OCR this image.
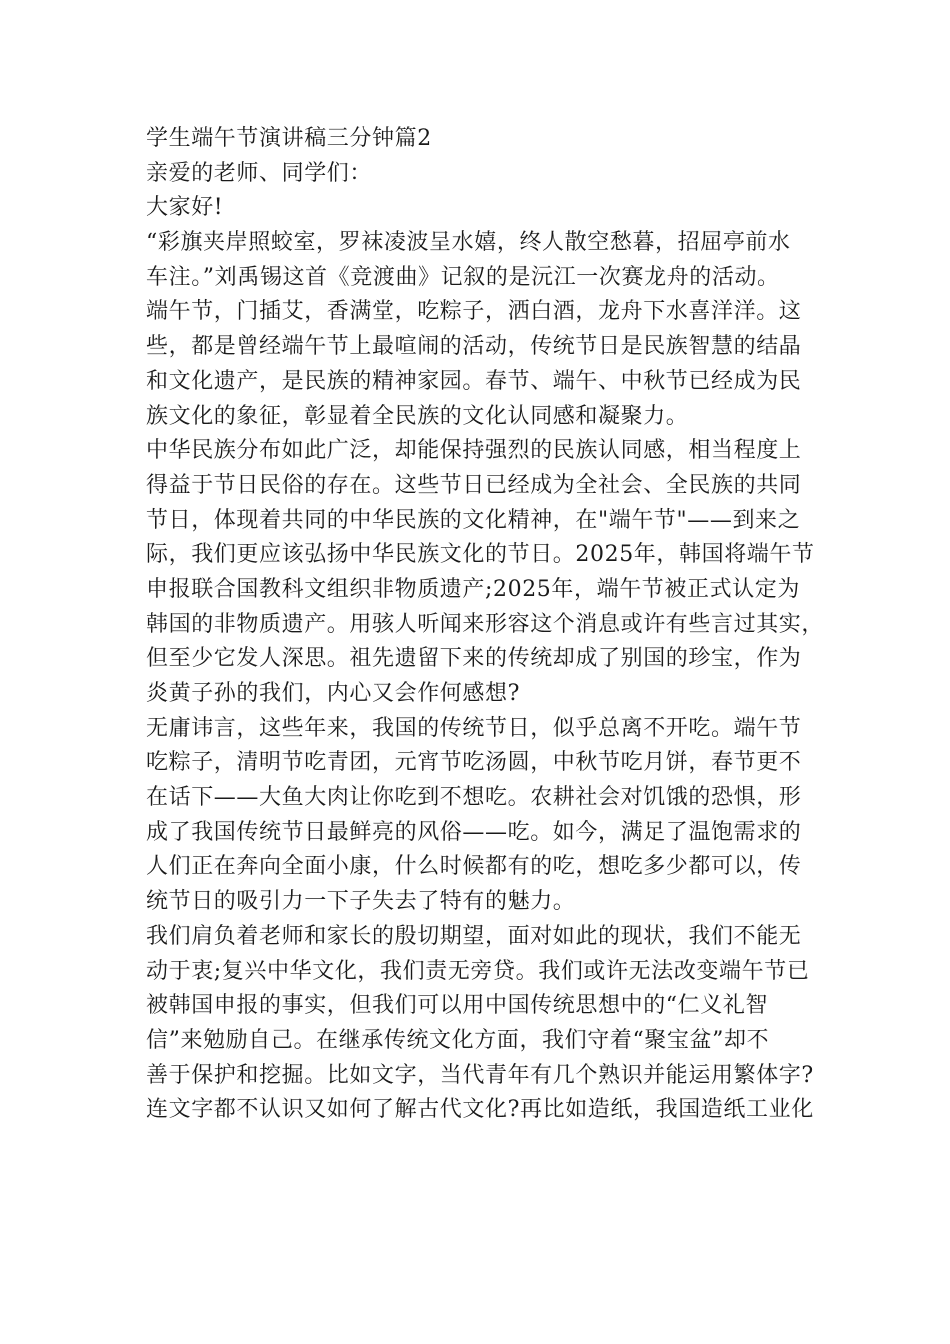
学生端午节演讲稿三分钟篇2
亲爱的老师、同学们：
大家好!
“彩旗夹岸照蛟室，罗袜凌波呈水嬉，终人散空愁暮，招屈亭前水
车注。”刘禹锡这首《竞渡曲》记叙的是沅江一次赛龙舟的活动。
端午节，门插艾，香满堂，吃粽子，洒白酒，龙舟下水喜洋洋。这
些，都是曾经端午节上最喧闹的活动，传统节日是民族智慧的结晶
和文化遗产，是民族的精神家园。春节、端午、中秋节已经成为民
族文化的象征，彰显着全民族的文化认同感和凝聚力。
中华民族分布如此广泛，却能保持强烈的民族认同感，相当程度上
得益于节日民俗的存在。这些节日已经成为全社会、全民族的共同
节日，体现着共同的中华民族的文化精神，在"端午节"——到来之
际，我们更应该弘扬中华民族文化的节日。2025年，韩国将端午节
申报联合国教科文组织非物质遗产;2025年，端午节被正式认定为
韩国的非物质遗产。用骇人听闻来形容这个消息或许有些言过其实，
但至少它发人深思。祖先遗留下来的传统却成了别国的珍宝，作为
炎黄子孙的我们，内心又会作何感想?
无庸讳言，这些年来，我国的传统节日，似乎总离不开吃。端午节
吃粽子，清明节吃青团，元宵节吃汤圆，中秋节吃月饼，春节更不
在话下——大鱼大肉让你吃到不想吃。农耕社会对饥饿的恐惧，形
成了我国传统节日最鲜亮的风俗——吃。如今，满足了温饱需求的
人们正在奔向全面小康，什么时候都有的吃，想吃多少都可以，传
统节日的吸引力一下子失去了特有的魅力。
我们肩负着老师和家长的殷切期望，面对如此的现状，我们不能无
动于衷;复兴中华文化，我们责无旁贷。我们或许无法改变端午节已
被韩国申报的事实，但我们可以用中国传统思想中的“仁义礼智
信”来勉励自己。在继承传统文化方面，我们守着“聚宝盆”却不
善于保护和挖掘。比如文字，当代青年有几个熟识并能运用繁体字?
连文字都不认识又如何了解古代文化?再比如造纸，我国造纸工业化
